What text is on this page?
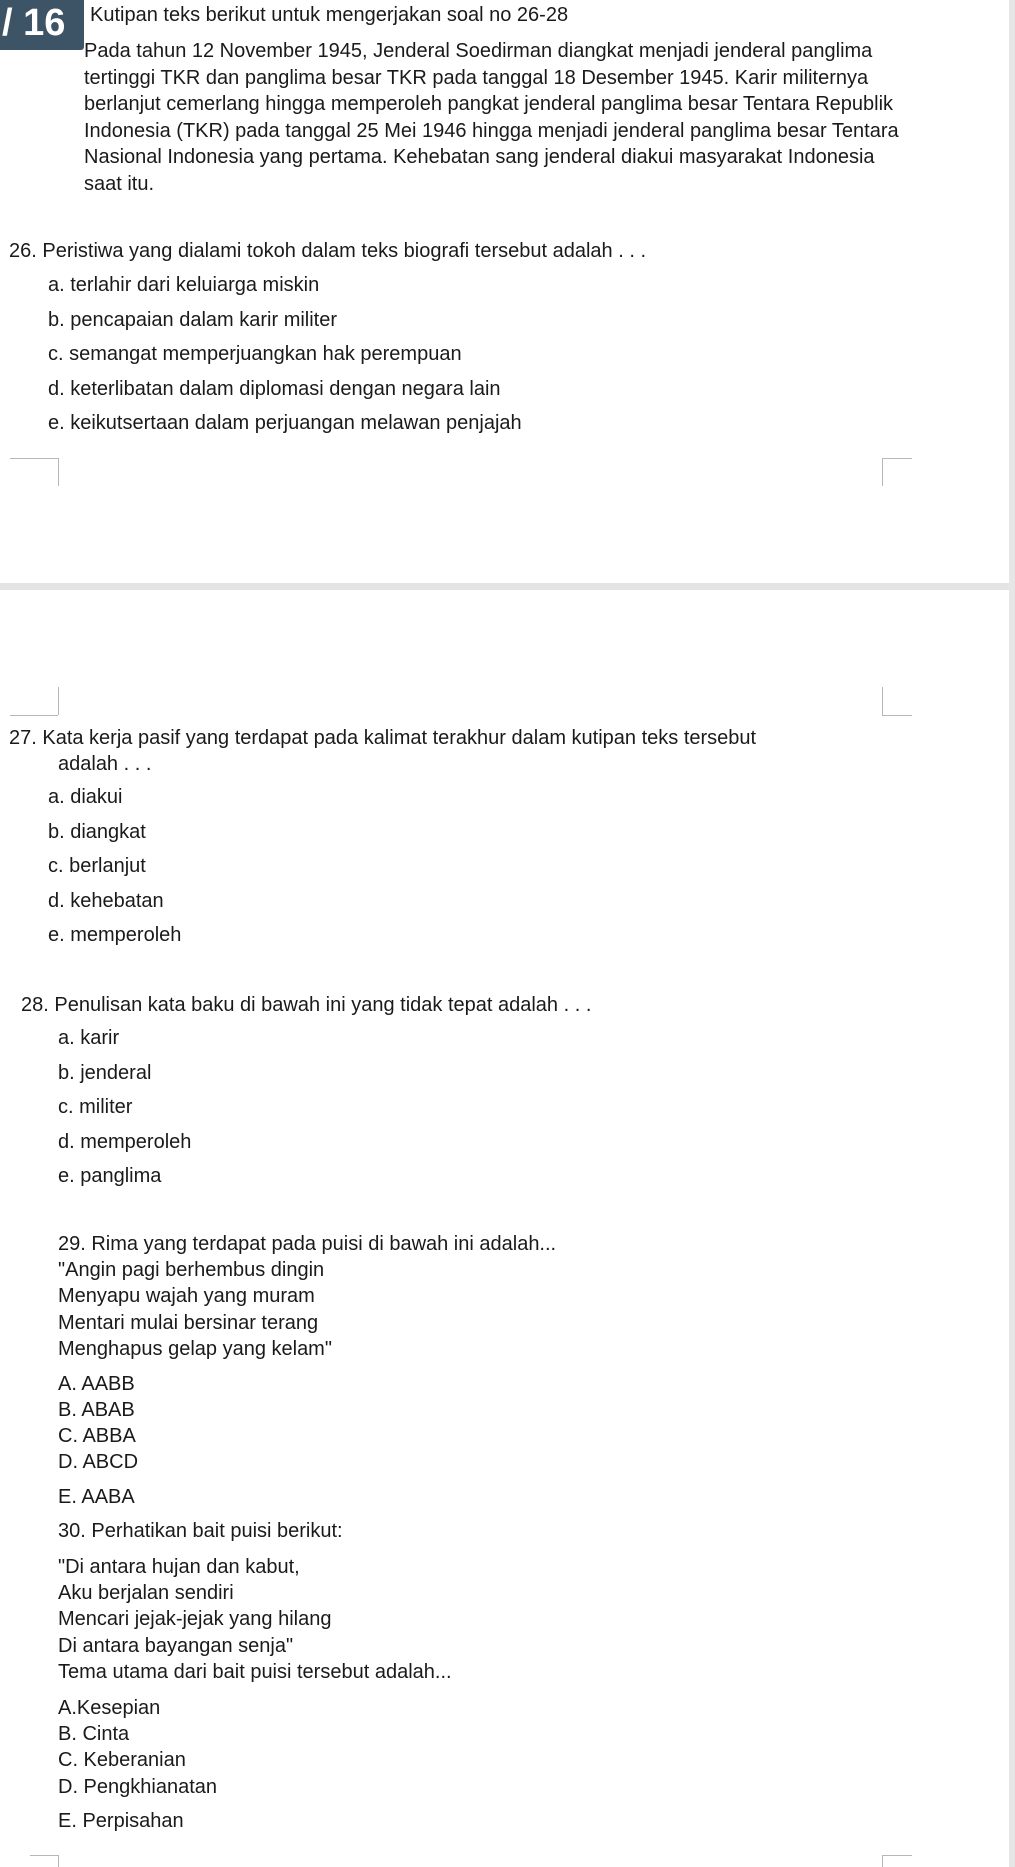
/ 16	Kutipan teks berikut untuk mengerjakan soal no 26-28
Pada tahun 12 November 1945, Jenderal Soedirman diangkat menjadi jenderal panglima tertinggi TKR dan panglima besar TKR pada tanggal 18 Desember 1945. Karir militernya berlanjut cemerlang hingga memperoleh pangkat jenderal panglima besar Tentara Republik Indonesia (TKR) pada tanggal 25 Mei 1946 hingga menjadi jenderal panglima besar Tentara Nasional Indonesia yang pertama. Kehebatan sang jenderal diakui masyarakat Indonesia saat itu.
26. Peristiwa yang dialami tokoh dalam teks biografi tersebut adalah . . .
a. terlahir dari keluiarga miskin
b. pencapaian dalam karir militer
c. semangat memperjuangkan hak perempuan
d. keterlibatan dalam diplomasi dengan negara lain
e. keikutsertaan dalam perjuangan melawan penjajah
27. Kata kerja pasif yang terdapat pada kalimat terakhur dalam kutipan teks tersebut
adalah . . .
a. diakui
b. diangkat
c. berlanjut
d. kehebatan
e. memperoleh
28. Penulisan kata baku di bawah ini yang tidak tepat adalah . . .
a. karir
b. jenderal
c. militer
d. memperoleh
e. panglima
29. Rima yang terdapat pada puisi di bawah ini adalah...
"Angin pagi berhembus dingin
Menyapu wajah yang muram
Mentari mulai bersinar terang
Menghapus gelap yang kelam"
A. AABB
B. ABAB
C. ABBA
D. ABCD
E. AABA
30. Perhatikan bait puisi berikut:
"Di antara hujan dan kabut,
Aku berjalan sendiri
Mencari jejak-jejak yang hilang
Di antara bayangan senja"
Tema utama dari bait puisi tersebut adalah...
A.Kesepian
B. Cinta
C. Keberanian
D. Pengkhianatan
E. Perpisahan
